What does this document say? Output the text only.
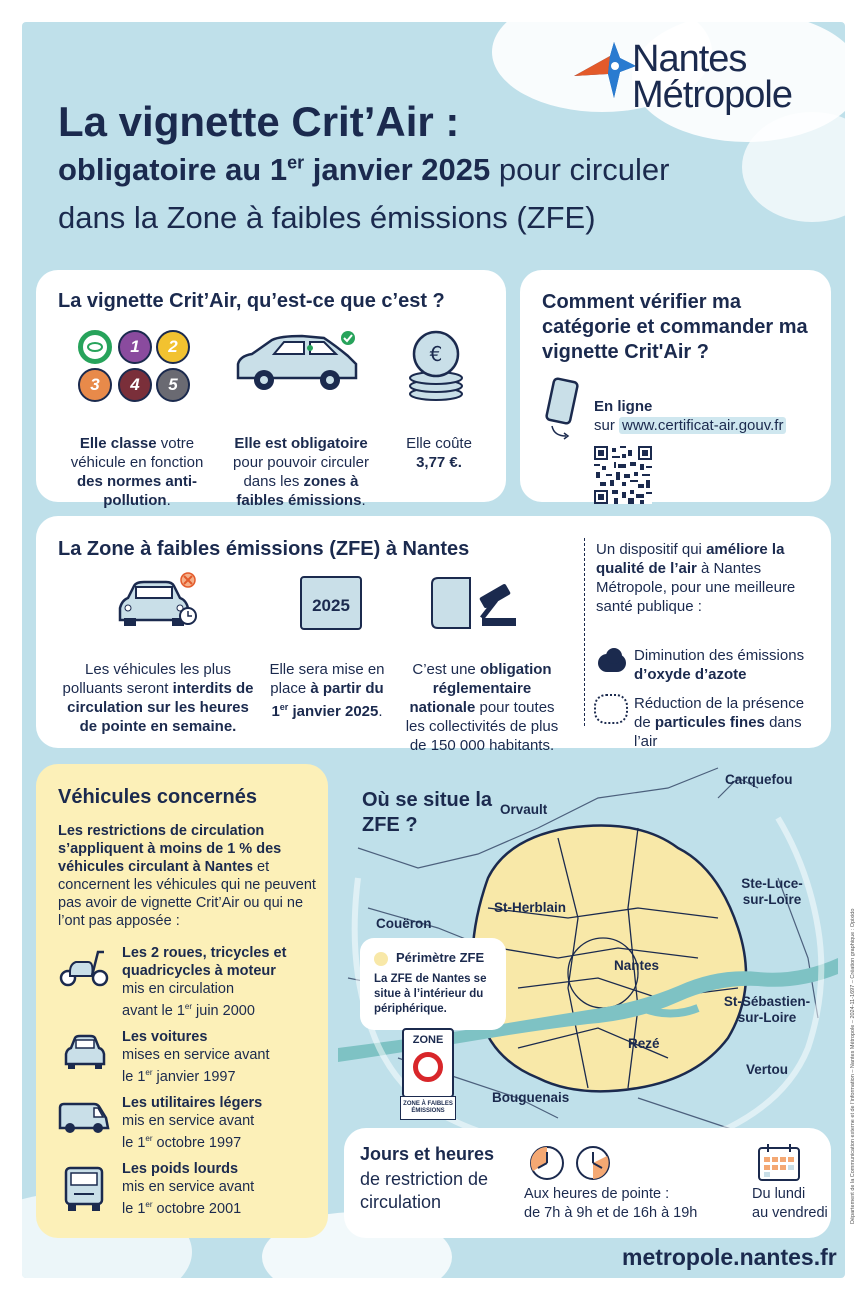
Nantes
Métropole
La vignette Crit’Air :
obligatoire au 1er janvier 2025 pour circuler
dans la Zone à faibles émissions (ZFE)
La vignette Crit’Air, qu’est-ce que c’est ?
1	2
3	4	5
€
Elle classe votre véhicule en fonction des normes anti-pollution.
Elle est obligatoire pour pouvoir circuler dans les zones à faibles émissions.
Elle coûte 3,77 €.
Comment vérifier ma catégorie et commander ma vignette Crit'Air ?
En ligne
sur www.certificat-air.gouv.fr
La Zone à faibles émissions (ZFE) à Nantes
2025
Les véhicules les plus polluants seront interdits de circulation sur les heures de pointe en semaine.
Elle sera mise en place à partir du 1er janvier 2025.
C’est une obligation réglementaire nationale pour toutes les collectivités de plus de 150 000 habitants.
Un dispositif qui améliore la qualité de l’air à Nantes Métropole, pour une meilleure santé publique :
Diminution des émissions d’oxyde d’azote
Réduction de la présence de particules fines dans l’air
Véhicules concernés
Les restrictions de circulation s’appliquent à moins de 1 % des véhicules circulant à Nantes et concernent les véhicules qui ne peuvent pas avoir de vignette Crit’Air ou qui ne l’ont pas apposée :
Les 2 roues, tricycles et quadricycles à moteur
mis en circulation
avant le 1er juin 2000
Les voitures
mises en service avant
le 1er janvier 1997
Les utilitaires légers
mis en service avant
le 1er octobre 1997
Les poids lourds
mis en service avant
le 1er octobre 2001
Où se situe la ZFE ?
Carquefou
Orvault
Ste-Luce-sur-Loire
St-Herblain
Couëron
Nantes
St-Sébastien-sur-Loire
Rezé
Vertou
Bouguenais
Périmètre ZFE
La ZFE de Nantes se situe à l’intérieur du périphérique.
ZONE
ZONE À FAIBLES ÉMISSIONS
Jours et heures
de restriction de circulation	Aux heures de pointe :
de 7h à 9h et de 16h à 19h
Du lundi
au vendredi
metropole.nantes.fr
Département de la Communication externe et de l’information – Nantes Métropole – 2024-11-1697 – Création graphique : Opixido
